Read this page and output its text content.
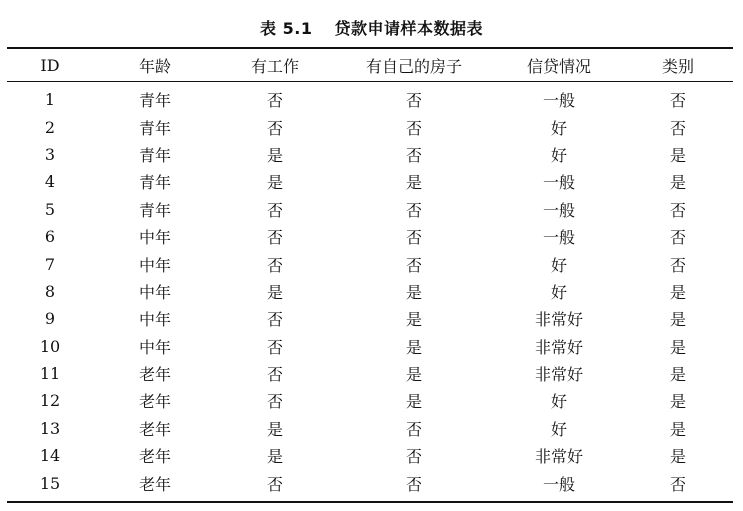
表 5.1 贷款申请样本数据表
ID	年龄	有工作	有自己的房子	信贷情况	类别
1	青年	否	否	一般	否
2	青年	否	否	好	否
3	青年	是	否	好	是
4	青年	是	是	一般	是
5	青年	否	否	一般	否
6	中年	否	否	一般	否
7	中年	否	否	好	否
8	中年	是	是	好	是
9	中年	否	是	非常好	是
10	中年	否	是	非常好	是
11	老年	否	是	非常好	是
12	老年	否	是	好	是
13	老年	是	否	好	是
14	老年	是	否	非常好	是
15	老年	否	否	一般	否
